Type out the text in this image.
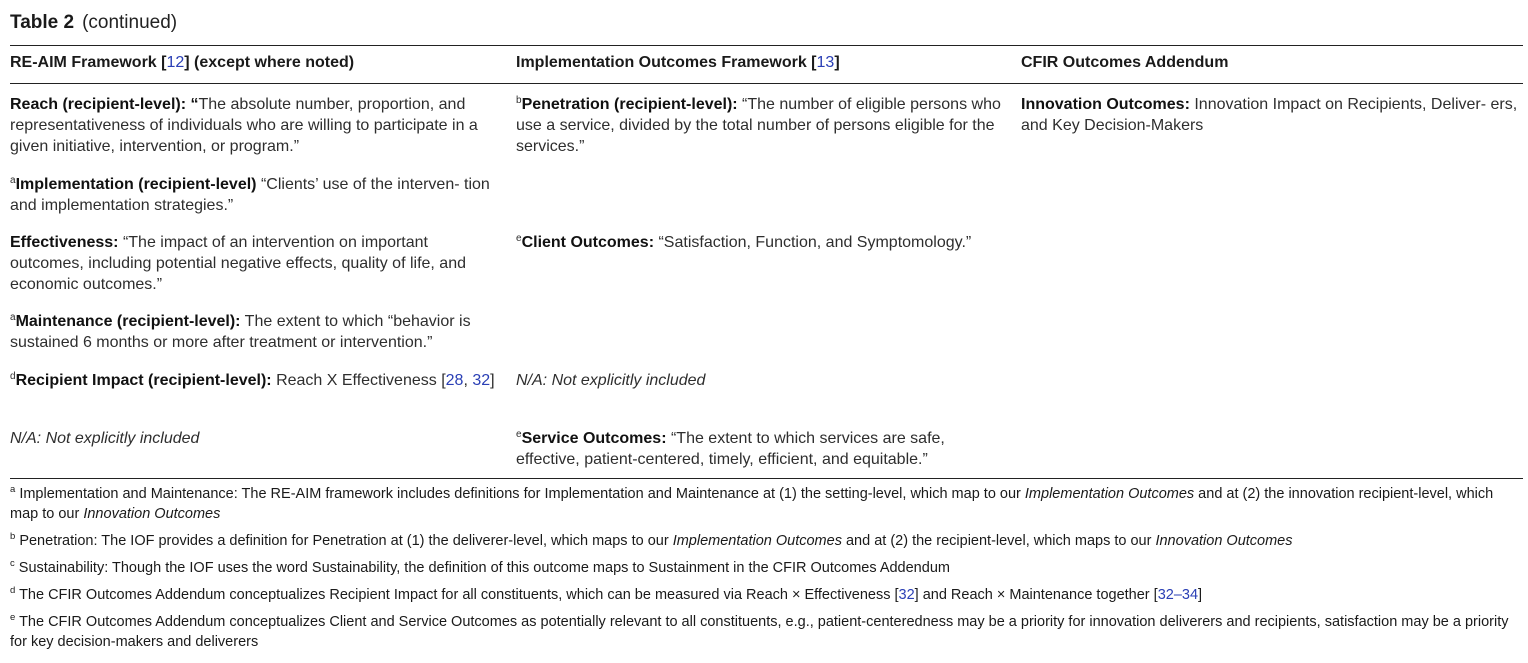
Table 2 (continued)
RE-AIM Framework [12] (except where noted)	Implementation Outcomes Framework [13]	CFIR Outcomes Addendum
Reach (recipient-level): “The absolute number, proportion, and representativeness of individuals who are willing to participate in a given initiative, intervention, or program.”
$^a$Implementation (recipient-level) “Clients’ use of the interven- tion and implementation strategies.”
Effectiveness: “The impact of an intervention on important outcomes, including potential negative effects, quality of life, and economic outcomes.”
$^a$Maintenance (recipient-level): The extent to which “behavior is sustained 6 months or more after treatment or intervention.”
$^d$Recipient Impact (recipient-level): Reach X Effectiveness [28, 32]
N/A: Not explicitly included
$^b$Penetration (recipient-level): “The number of eligible persons who use a service, divided by the total number of persons eligible for the services.”
$^e$Client Outcomes: “Satisfaction, Function, and Symptomology.”
N/A: Not explicitly included
$^e$Service Outcomes: “The extent to which services are safe, effective, patient-centered, timely, efficient, and equitable.”
Innovation Outcomes: Innovation Impact on Recipients, Deliver- ers, and Key Decision-Makers
$^a$ Implementation and Maintenance: The RE-AIM framework includes definitions for Implementation and Maintenance at (1) the setting-level, which map to our Implementation Outcomes and at (2) the innovation recipient-level, which map to our Innovation Outcomes
$^b$ Penetration: The IOF provides a definition for Penetration at (1) the deliverer-level, which maps to our Implementation Outcomes and at (2) the recipient-level, which maps to our Innovation Outcomes
$^c$ Sustainability: Though the IOF uses the word Sustainability, the definition of this outcome maps to Sustainment in the CFIR Outcomes Addendum
$^d$ The CFIR Outcomes Addendum conceptualizes Recipient Impact for all constituents, which can be measured via Reach × Effectiveness [32] and Reach × Maintenance together [32–34]
$^e$ The CFIR Outcomes Addendum conceptualizes Client and Service Outcomes as potentially relevant to all constituents, e.g., patient-centeredness may be a priority for innovation deliverers and recipients, satisfaction may be a priority for key decision-makers and deliverers
